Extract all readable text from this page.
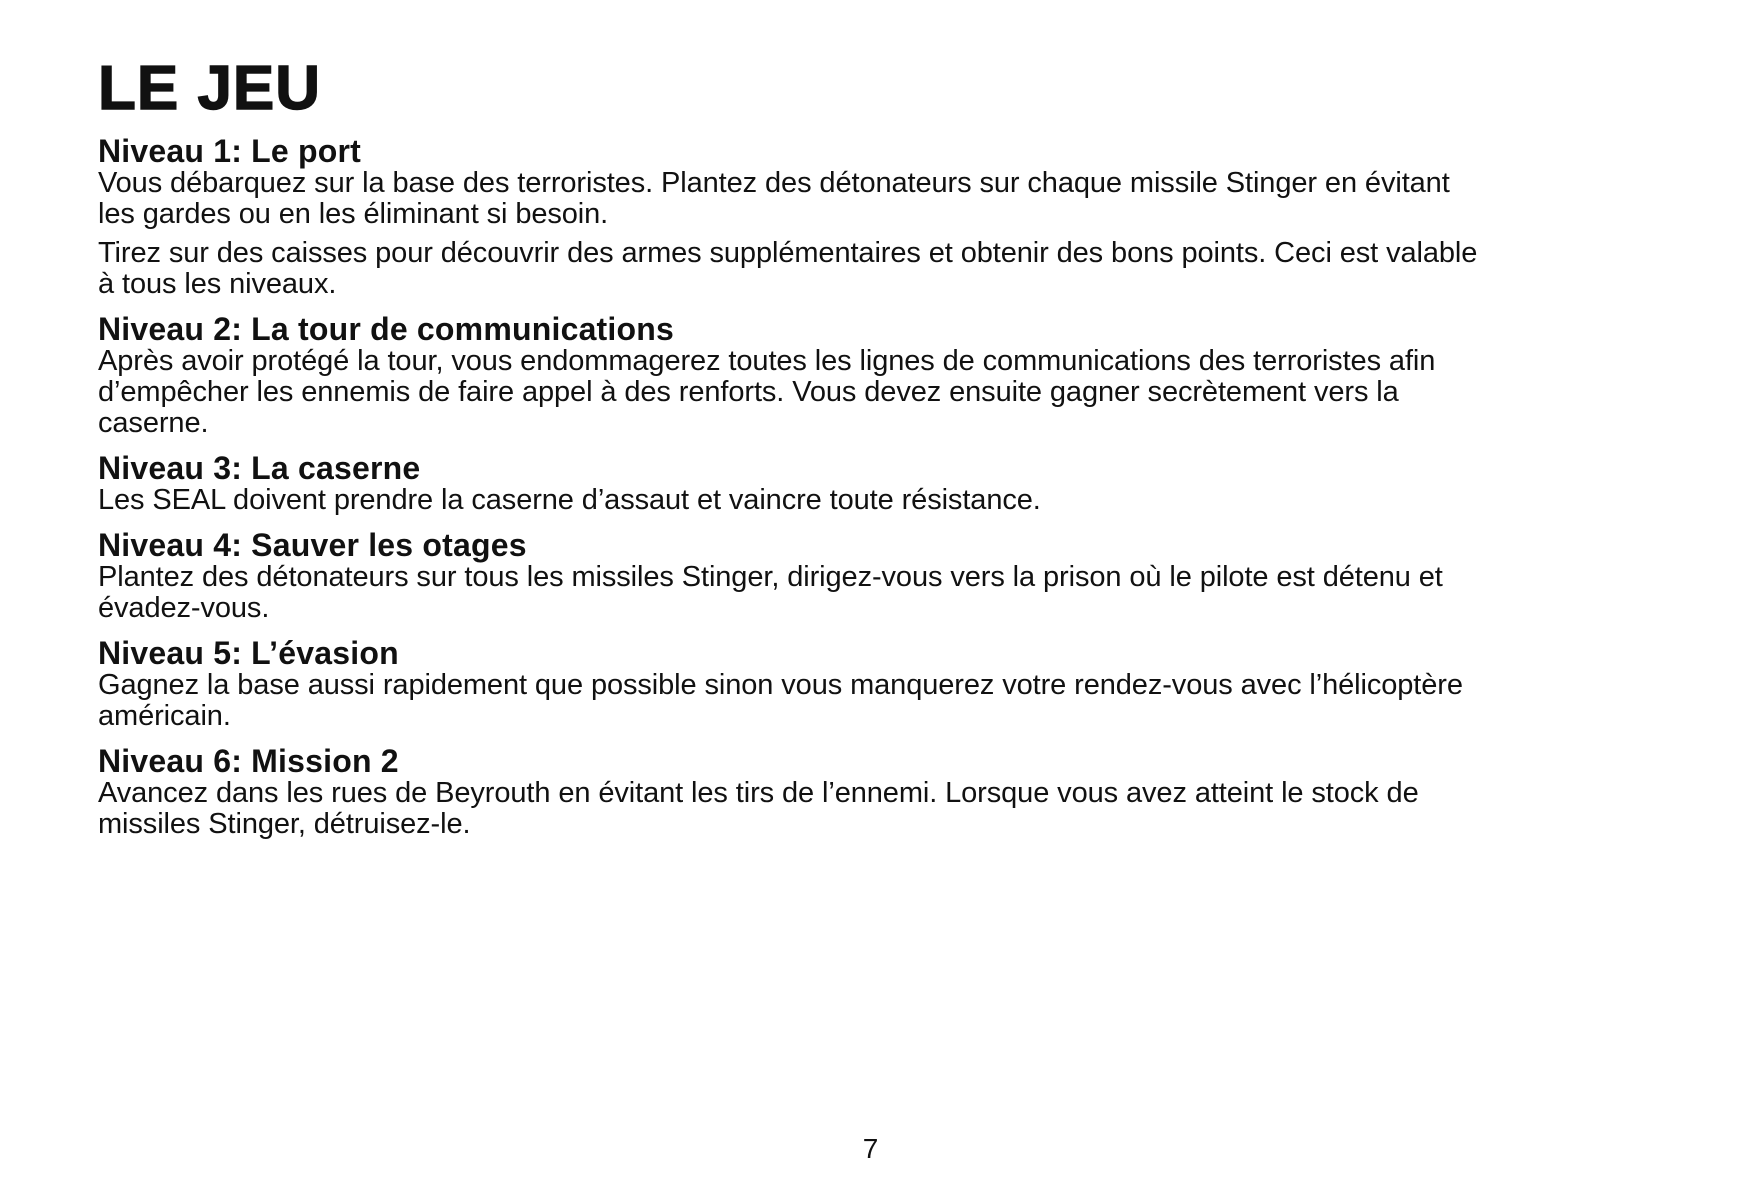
LE JEU
Niveau 1: Le port

Vous débarquez sur la base des terroristes. Plantez des détonateurs sur chaque missile Stinger en évitant les gardes ou en les éliminant si besoin.

Tirez sur des caisses pour découvrir des armes supplémentaires et obtenir des bons points. Ceci est valable à tous les niveaux.

Niveau 2: La tour de communications

Après avoir protégé la tour, vous endommagerez toutes les lignes de communications des terroristes afin d’empêcher les ennemis de faire appel à des renforts. Vous devez ensuite gagner secrètement vers la caserne.

Niveau 3: La caserne

Les SEAL doivent prendre la caserne d’assaut et vaincre toute résistance.

Niveau 4: Sauver les otages

Plantez des détonateurs sur tous les missiles Stinger, dirigez-vous vers la prison où le pilote est détenu et évadez-vous.

Niveau 5: L’évasion

Gagnez la base aussi rapidement que possible sinon vous manquerez votre rendez-vous avec l’hélicoptère américain.

Niveau 6: Mission 2

Avancez dans les rues de Beyrouth en évitant les tirs de l’ennemi. Lorsque vous avez atteint le stock de missiles Stinger, détruisez-le.

7
